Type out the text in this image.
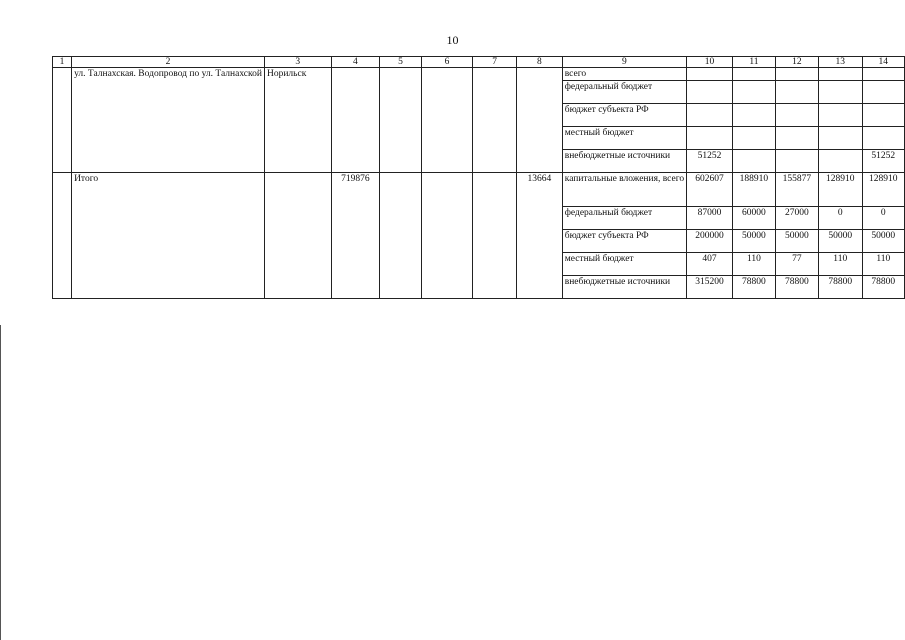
10
1	2	3	4	5	6	7	8	9	10	11	12	13	14
	ул. Талнахская. Водопровод по ул. Талнахской	Норильск						всего					
								федеральный бюджет					
								бюджет субъекта РФ					
								местный бюджет					
								внебюджетные источники	51252				51252
	Итого		719876				13664	капитальные вложения, всего	602607	188910	155877	128910	128910
								федеральный бюджет	87000	60000	27000	0	0
								бюджет субъекта РФ	200000	50000	50000	50000	50000
								местный бюджет	407	110	77	110	110
								внебюджетные источники	315200	78800	78800	78800	78800
